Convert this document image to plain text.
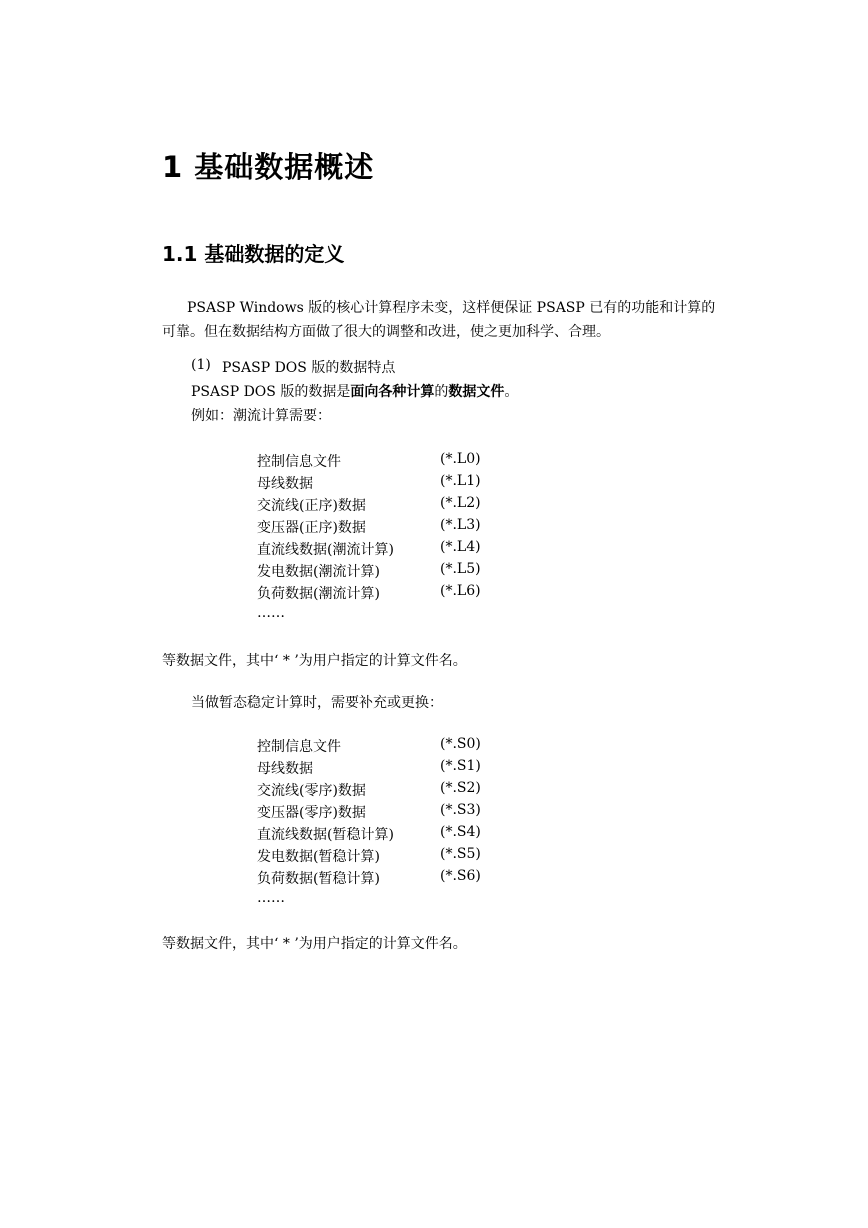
1 基础数据概述
1.1 基础数据的定义
PSASP Windows 版的核心计算程序未变，这样便保证 PSASP 已有的功能和计算的
可靠。但在数据结构方面做了很大的调整和改进，使之更加科学、合理。
(1) PSASP DOS 版的数据特点
PSASP DOS 版的数据是面向各种计算的数据文件。
例如：潮流计算需要：
控制信息文件	(*.L0)
母线数据	(*.L1)
交流线(正序)数据	(*.L2)
变压器(正序)数据	(*.L3)
直流线数据(潮流计算)	(*.L4)
发电数据(潮流计算)	(*.L5)
负荷数据(潮流计算)	(*.L6)
……
等数据文件，其中‘ * ’为用户指定的计算文件名。
当做暂态稳定计算时，需要补充或更换：
控制信息文件	(*.S0)
母线数据	(*.S1)
交流线(零序)数据	(*.S2)
变压器(零序)数据	(*.S3)
直流线数据(暂稳计算)	(*.S4)
发电数据(暂稳计算)	(*.S5)
负荷数据(暂稳计算)	(*.S6)
……
等数据文件，其中‘ * ’为用户指定的计算文件名。
